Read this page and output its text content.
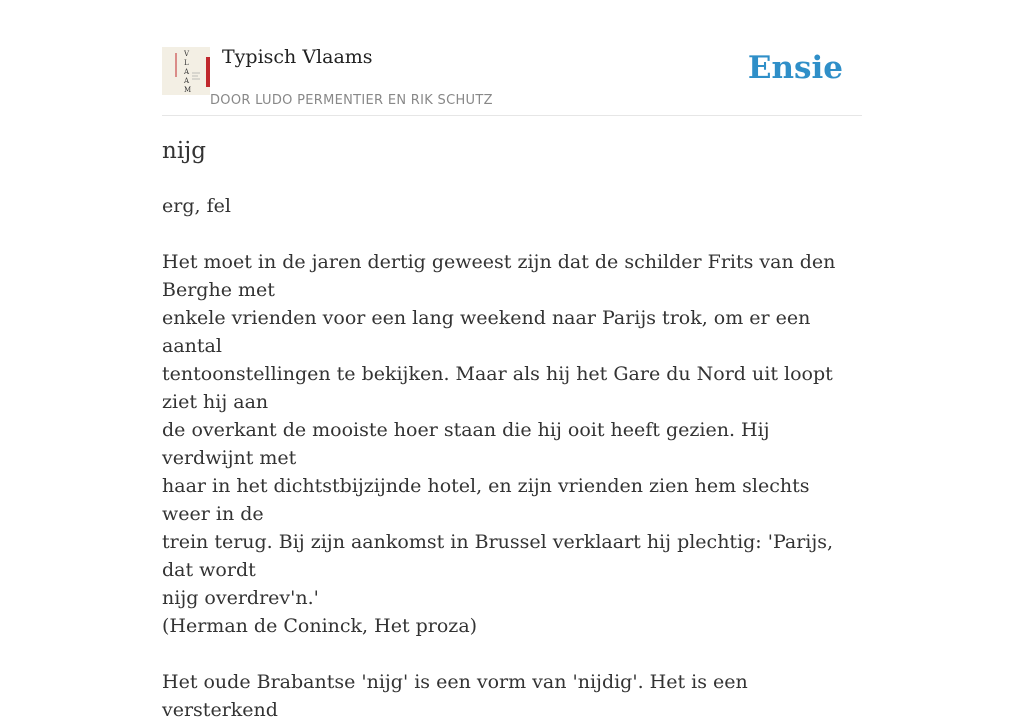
V
L
A
A
M
Typisch Vlaams
DOOR LUDO PERMENTIER EN RIK SCHUTZ
Ensie
nijg

erg, fel

Het moet in de jaren dertig geweest zijn dat de schilder Frits van den Berghe met

enkele vrienden voor een lang weekend naar Parijs trok, om er een aantal

tentoonstellingen te bekijken. Maar als hij het Gare du Nord uit loopt ziet hij aan

de overkant de mooiste hoer staan die hij ooit heeft gezien. Hij verdwijnt met

haar in het dichtstbijzijnde hotel, en zijn vrienden zien hem slechts weer in de

trein terug. Bij zijn aankomst in Brussel verklaart hij plechtig: 'Parijs, dat wordt

nijg overdrev'n.'

(Herman de Coninck, Het proza)

Het oude Brabantse 'nijg' is een vorm van 'nijdig'. Het is een versterkend
